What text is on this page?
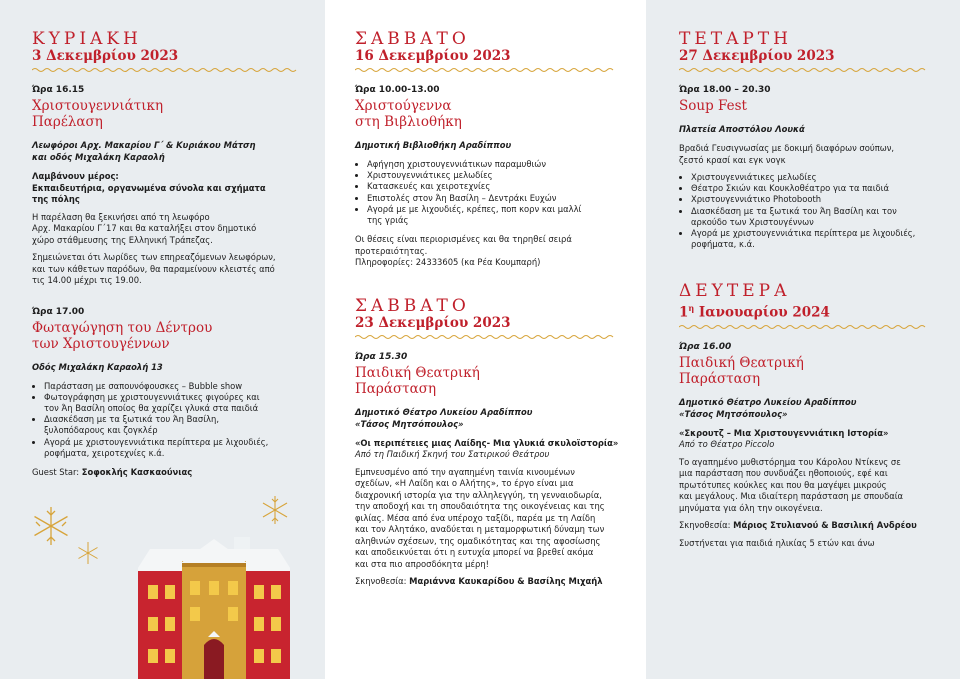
ΚΥΡΙΑΚΗ
3 Δεκεμβρίου 2023
Ώρα 16.15
Χριστουγεννιάτικη
Παρέλαση
Λεωφόροι Αρχ. Μακαρίου Γ΄ & Κυριάκου Μάτση
και οδός Μιχαλάκη Καραολή

Λαμβάνουν μέρος:
Εκπαιδευτήρια, οργανωμένα σύνολα και σχήματα
της πόλης

Η παρέλαση θα ξεκινήσει από τη λεωφόρο
Αρχ. Μακαρίου Γ΄17 και θα καταλήξει στον δημοτικό
χώρο στάθμευσης της Ελληνική Τράπεζας.

Σημειώνεται ότι λωρίδες των επηρεαζόμενων λεωφόρων,
και των κάθετων παρόδων, θα παραμείνουν κλειστές από
τις 14.00 μέχρι τις 19.00.

Ώρα 17.00
Φωταγώγηση του Δέντρου
των Χριστουγέννων
Οδός Μιχαλάκη Καραολή 13
• Παράσταση με σαπουνόφουσκες – Bubble show
• Φωτογράφηση με χριστουγεννιάτικες φιγούρες και
τον Άη Βασίλη οποίος θα χαρίζει γλυκά στα παιδιά
• Διασκέδαση με τα ξωτικά του Άη Βασίλη,
ξυλοπόδαρους και ζογκλέρ
• Αγορά με χριστουγεννιάτικα περίπτερα με λιχουδιές,
ροφήματα, χειροτεχνίες κ.ά.

Guest Star: Σοφοκλής Κασκαούνιας

ΣΑΒΒΑΤΟ
16 Δεκεμβρίου 2023
Ώρα 10.00-13.00
Χριστούγεννα
στη Βιβλιοθήκη
Δημοτική Βιβλιοθήκη Αραδίππου
• Αφήγηση χριστουγεννιάτικων παραμυθιών
• Χριστουγεννιάτικες μελωδίες
• Κατασκευές και χειροτεχνίες
• Επιστολές στον Άη Βασίλη – Δεντράκι Ευχών
• Αγορά με με λιχουδιές, κρέπες, ποπ κορν και μαλλί
της γριάς

Οι θέσεις είναι περιορισμένες και θα τηρηθεί σειρά
προτεραιότητας.
Πληροφορίες: 24333605 (κα Ρέα Κουμπαρή)

ΣΑΒΒΑΤΟ
23 Δεκεμβρίου 2023
Ώρα 15.30
Παιδική Θεατρική
Παράσταση
Δημοτικό Θέατρο Λυκείου Αραδίππου
«Τάσος Μητσόπουλος»

«Οι περιπέτειες μιας Λαίδης- Μια γλυκιά σκυλοϊστορία»
Από τη Παιδική Σκηνή του Σατιρικού Θεάτρου

Εμπνευσμένο από την αγαπημένη ταινία κινουμένων
σχεδίων, «Η Λαίδη και ο Αλήτης», το έργο είναι μια
διαχρονική ιστορία για την αλληλεγγύη, τη γενναιοδωρία,
την αποδοχή και τη σπουδαιότητα της οικογένειας και της
φιλίας. Μέσα από ένα υπέροχο ταξίδι, παρέα με τη Λαίδη
και τον Αλητάκο, αναδύεται η μεταμορφωτική δύναμη των
αληθινών σχέσεων, της ομαδικότητας και της αφοσίωσης
και αποδεικνύεται ότι η ευτυχία μπορεί να βρεθεί ακόμα
και στα πιο απροσδόκητα μέρη!

Σκηνοθεσία: Μαριάννα Καυκαρίδου & Βασίλης Μιχαήλ

ΤΕΤΑΡΤΗ
27 Δεκεμβρίου 2023
Ώρα 18.00 – 20.30
Soup Fest
Πλατεία Αποστόλου Λουκά

Βραδιά Γευσιγνωσίας με δοκιμή διαφόρων σούπων,
ζεστό κρασί και εγκ νογκ

• Χριστουγεννιάτικες μελωδίες
• Θέατρο Σκιών και Κουκλοθέατρο για τα παιδιά
• Χριστουγεννιάτικο Photobooth
• Διασκέδαση με τα ξωτικά του Άη Βασίλη και τον
αρκούδο των Χριστουγέννων
• Αγορά με χριστουγεννιάτικα περίπτερα με λιχουδιές,
ροφήματα, κ.ά.
ΔΕΥΤΕΡΑ
$1^\eta$ Ιανουαρίου 2024
Ώρα 16.00
Παιδική Θεατρική
Παράσταση
Δημοτικό Θέατρο Λυκείου Αραδίππου
«Τάσος Μητσόπουλος»

«Σκρουτζ – Μια Χριστουγεννιάτικη Ιστορία»
Από το Θέατρο Piccolo

Το αγαπημένο μυθιστόρημα του Κάρολου Ντίκενς σε
μια παράσταση που συνδυάζει ηθοποιούς, εφέ και
πρωτότυπες κούκλες και που θα μαγέψει μικρούς
και μεγάλους. Μια ιδιαίτερη παράσταση με σπουδαία
μηνύματα για όλη την οικογένεια.

Σκηνοθεσία: Μάριος Στυλιανού & Βασιλική Ανδρέου

Συστήνεται για παιδιά ηλικίας 5 ετών και άνω
